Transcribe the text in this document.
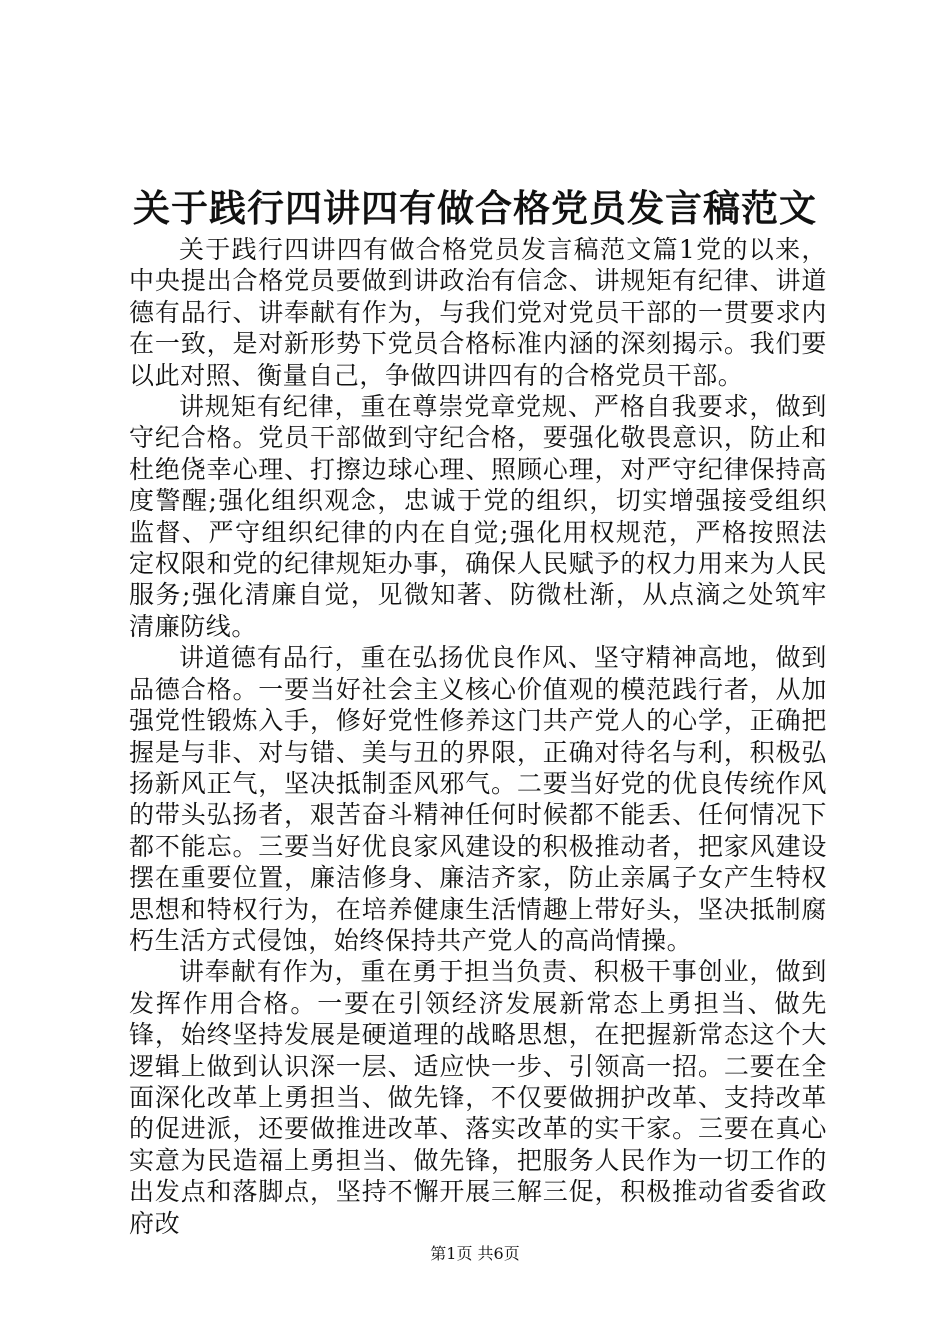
关于践行四讲四有做合格党员发言稿范文

关于践行四讲四有做合格党员发言稿范文篇1党的以来，中央提出合格党员要做到讲政治有信念、讲规矩有纪律、讲道德有品行、讲奉献有作为，与我们党对党员干部的一贯要求内在一致，是对新形势下党员合格标准内涵的深刻揭示。我们要以此对照、衡量自己，争做四讲四有的合格党员干部。

讲规矩有纪律，重在尊崇党章党规、严格自我要求，做到守纪合格。党员干部做到守纪合格，要强化敬畏意识，防止和杜绝侥幸心理、打擦边球心理、照顾心理，对严守纪律保持高度警醒;强化组织观念，忠诚于党的组织，切实增强接受组织监督、严守组织纪律的内在自觉;强化用权规范，严格按照法定权限和党的纪律规矩办事，确保人民赋予的权力用来为人民服务;强化清廉自觉，见微知著、防微杜渐，从点滴之处筑牢清廉防线。

讲道德有品行，重在弘扬优良作风、坚守精神高地，做到品德合格。一要当好社会主义核心价值观的模范践行者，从加强党性锻炼入手，修好党性修养这门共产党人的心学，正确把握是与非、对与错、美与丑的界限，正确对待名与利，积极弘扬新风正气，坚决抵制歪风邪气。二要当好党的优良传统作风的带头弘扬者，艰苦奋斗精神任何时候都不能丢、任何情况下都不能忘。三要当好优良家风建设的积极推动者，把家风建设摆在重要位置，廉洁修身、廉洁齐家，防止亲属子女产生特权思想和特权行为，在培养健康生活情趣上带好头，坚决抵制腐朽生活方式侵蚀，始终保持共产党人的高尚情操。

讲奉献有作为，重在勇于担当负责、积极干事创业，做到发挥作用合格。一要在引领经济发展新常态上勇担当、做先锋，始终坚持发展是硬道理的战略思想，在把握新常态这个大逻辑上做到认识深一层、适应快一步、引领高一招。二要在全面深化改革上勇担当、做先锋，不仅要做拥护改革、支持改革的促进派，还要做推进改革、落实改革的实干家。三要在真心实意为民造福上勇担当、做先锋，把服务人民作为一切工作的出发点和落脚点，坚持不懈开展三解三促，积极推动省委省政府改

第1页 共6页
